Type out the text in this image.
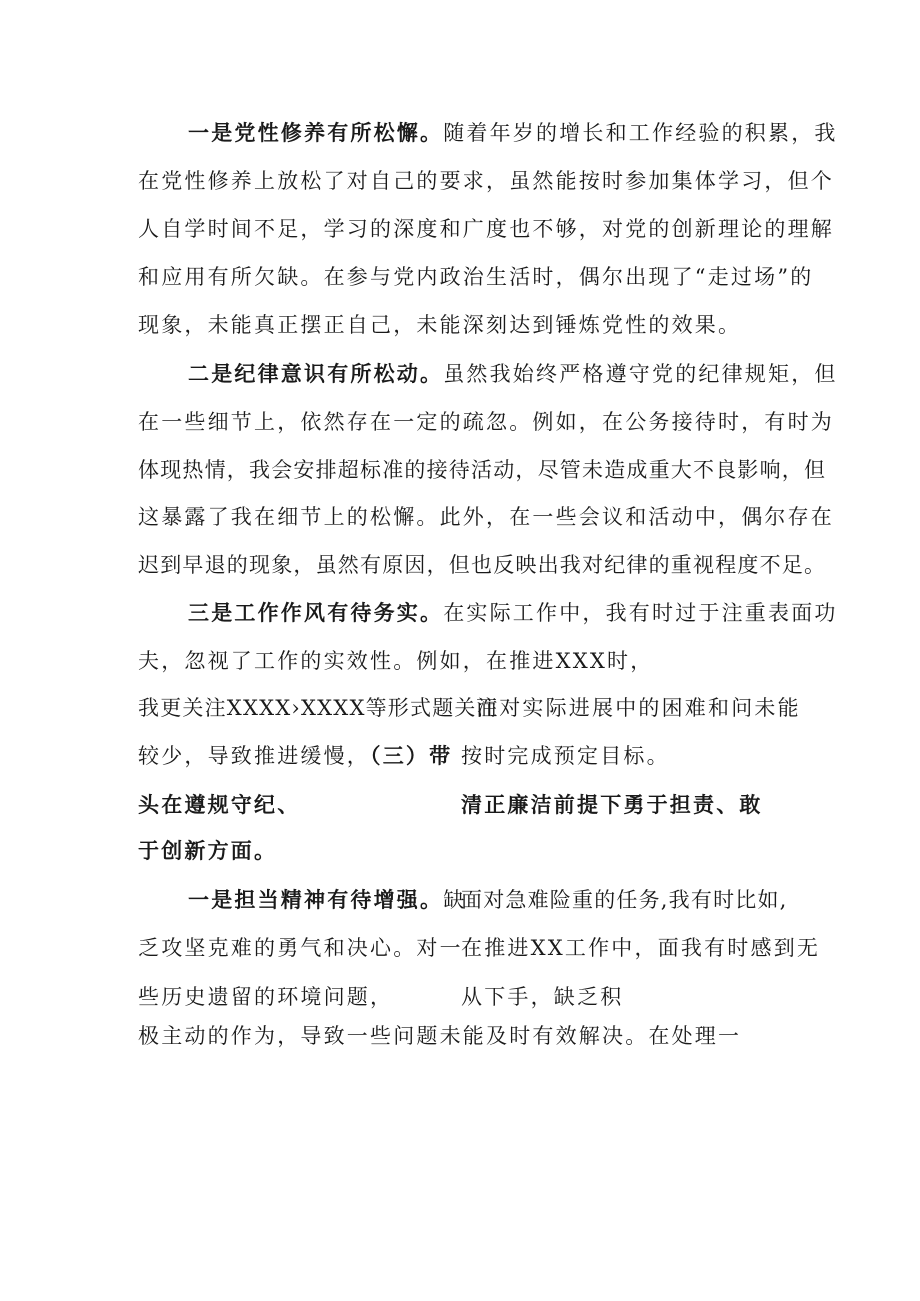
一是党性修养有所松懈。随着年岁的增长和工作经验的积累，我
在党性修养上放松了对自己的要求，虽然能按时参加集体学习，但个
人自学时间不足，学习的深度和广度也不够，对党的创新理论的理解
和应用有所欠缺。在参与党内政治生活时，偶尔出现了“走过场”的
现象，未能真正摆正自己，未能深刻达到锤炼党性的效果。
二是纪律意识有所松动。虽然我始终严格遵守党的纪律规矩，但
在一些细节上，依然存在一定的疏忽。例如，在公务接待时，有时为
体现热情，我会安排超标准的接待活动，尽管未造成重大不良影响，但
这暴露了我在细节上的松懈。此外，在一些会议和活动中，偶尔存在
迟到早退的现象，虽然有原因，但也反映出我对纪律的重视程度不足。
三是工作作风有待务实。在实际工作中，我有时过于注重表面功
夫，忽视了工作的实效性。例如，在推进XXX时，
我更关注XXXX›XXXX等形式题关注
而对实际进展中的困难和问未能
较少，导致推进缓慢，（三）带 按时完成预定目标。
头在遵规守纪、	清正廉洁前提下勇于担责、敢
于创新方面。
一是担当精神有待增强。缺
面对急难险重的任务,我有时比如,
乏攻坚克难的勇气和决心。对一
在推进XX工作中，面我有时感到无
些历史遗留的环境问题，	从下手，缺乏积
极主动的作为，导致一些问题未能及时有效解决。在处理一
